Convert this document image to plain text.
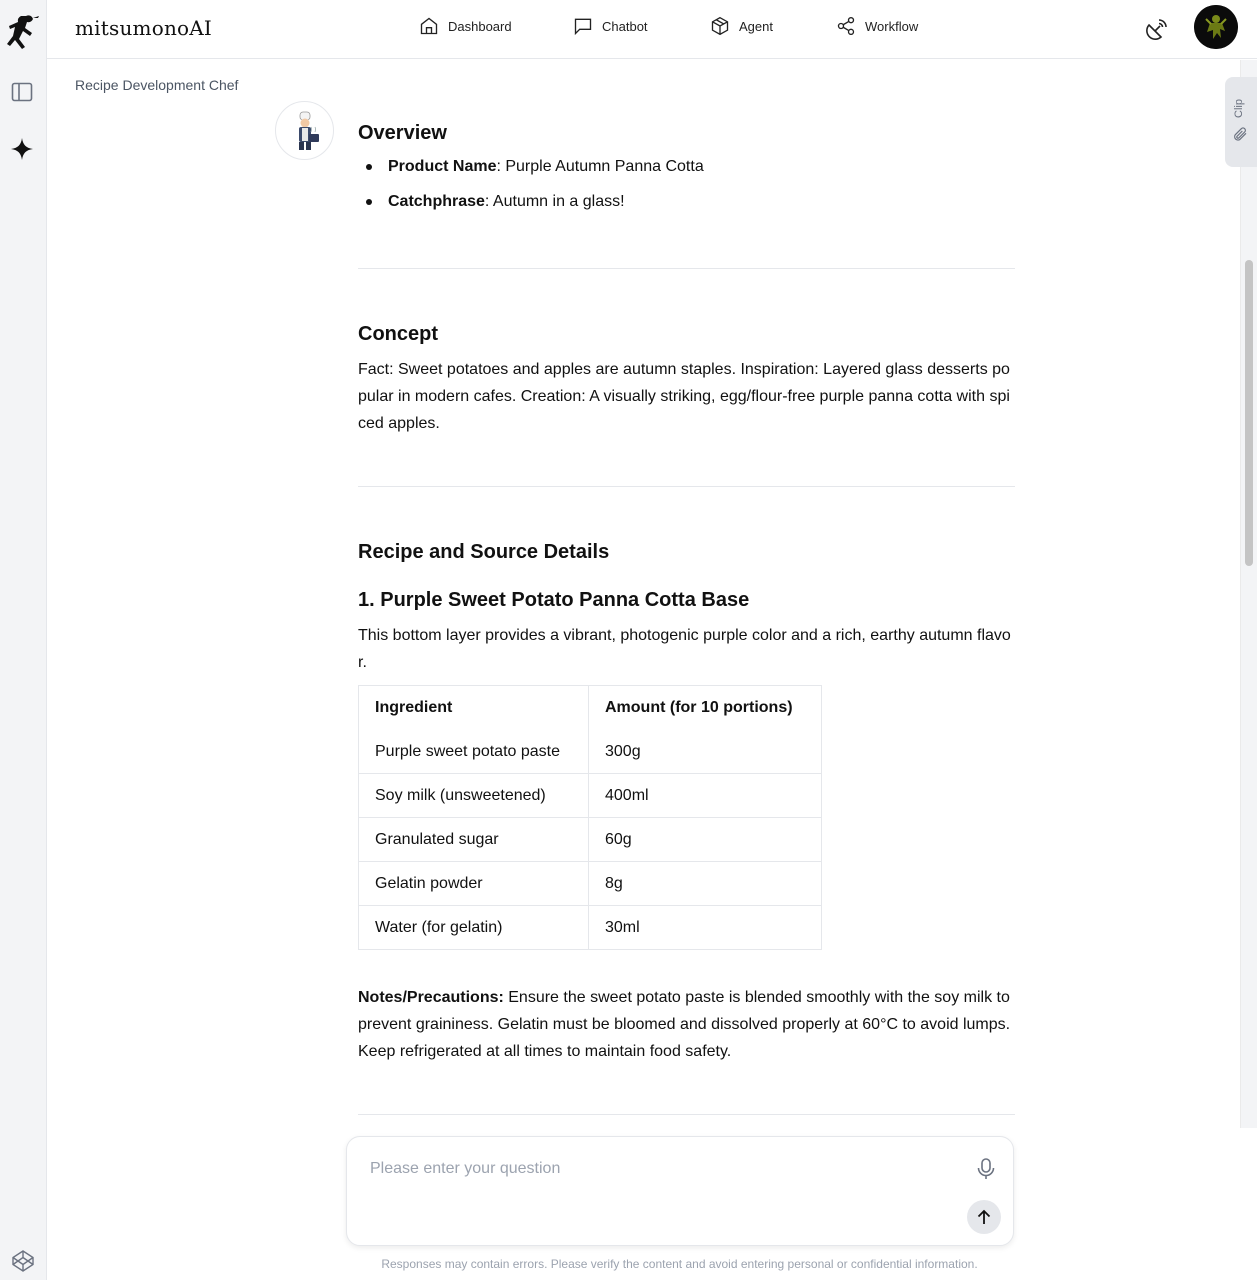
mitsumonoAI	Dashboard	Chatbot	Agent	Workflow
Recipe Development Chef
Overview
Product Name: Purple Autumn Panna Cotta
Catchphrase: Autumn in a glass!
Concept

Fact: Sweet potatoes and apples are autumn staples. Inspiration: Layered glass desserts popular in modern cafes. Creation: A visually striking, egg/flour-free purple panna cotta with spiced apples.

Recipe and Source Details
1. Purple Sweet Potato Panna Cotta Base

This bottom layer provides a vibrant, photogenic purple color and a rich, earthy autumn flavor.

Ingredient	Amount (for 10 portions)
Purple sweet potato paste	300g
Soy milk (unsweetened)	400ml
Granulated sugar	60g
Gelatin powder	8g
Water (for gelatin)	30ml

Notes/Precautions: Ensure the sweet potato paste is blended smoothly with the soy milk to prevent graininess. Gelatin must be bloomed and dissolved properly at 60°C to avoid lumps. Keep refrigerated at all times to maintain food safety.

Clip
Please enter your question
Responses may contain errors. Please verify the content and avoid entering personal or confidential information.
